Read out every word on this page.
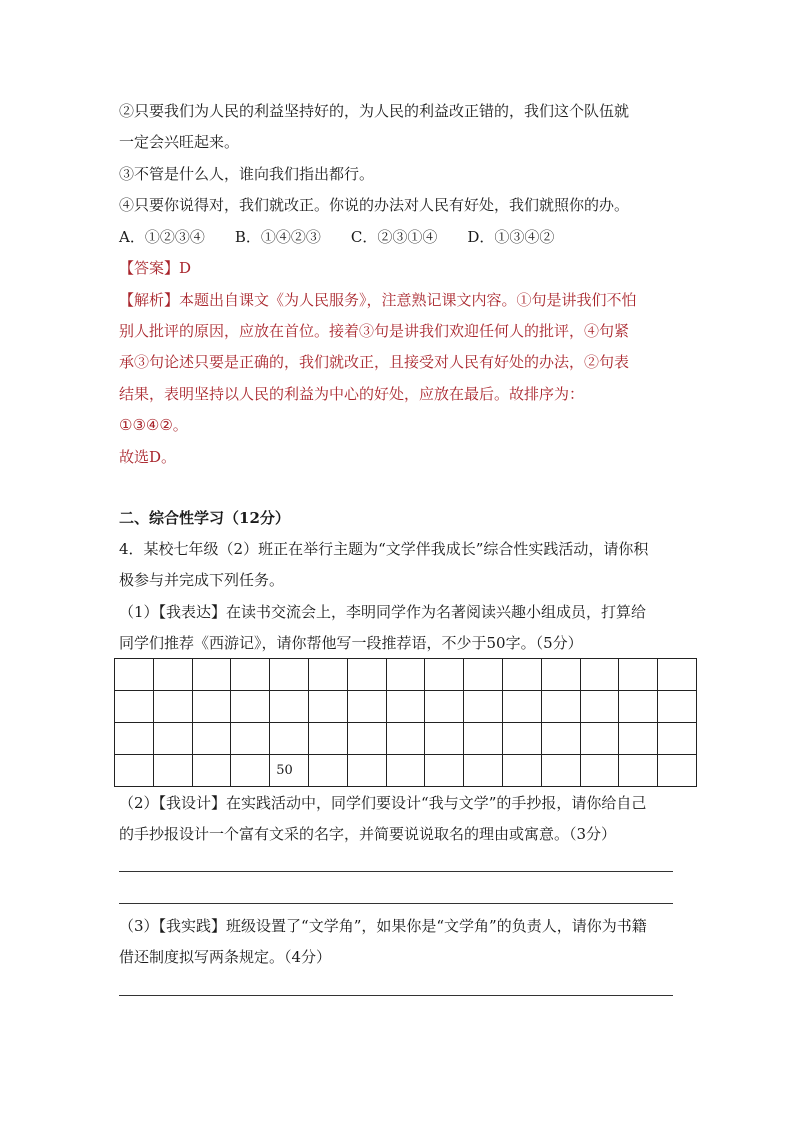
②只要我们为人民的利益坚持好的，为人民的利益改正错的，我们这个队伍就
一定会兴旺起来。
③不管是什么人，谁向我们指出都行。
④只要你说得对，我们就改正。你说的办法对人民有好处，我们就照你的办。
A．①②③④　　B．①④②③　　C．②③①④　　D．①③④②
【答案】D
【解析】本题出自课文《为人民服务》，注意熟记课文内容。①句是讲我们不怕
别人批评的原因，应放在首位。接着③句是讲我们欢迎任何人的批评，④句紧
承③句论述只要是正确的，我们就改正，且接受对人民有好处的办法，②句表
结果，表明坚持以人民的利益为中心的好处，应放在最后。故排序为：
①③④②。
故选D。
二、综合性学习（12分）
4．某校七年级（2）班正在举行主题为“文学伴我成长”综合性实践活动，请你积
极参与并完成下列任务。
（1）【我表达】在读书交流会上，李明同学作为名著阅读兴趣小组成员，打算给
同学们推荐《西游记》，请你帮他写一段推荐语，不少于50字。（5分）

				50										
（2）【我设计】在实践活动中，同学们要设计“我与文学”的手抄报，请你给自己
的手抄报设计一个富有文采的名字，并简要说说取名的理由或寓意。（3分）
（3）【我实践】班级设置了“文学角”，如果你是“文学角”的负责人，请你为书籍
借还制度拟写两条规定。（4分）
